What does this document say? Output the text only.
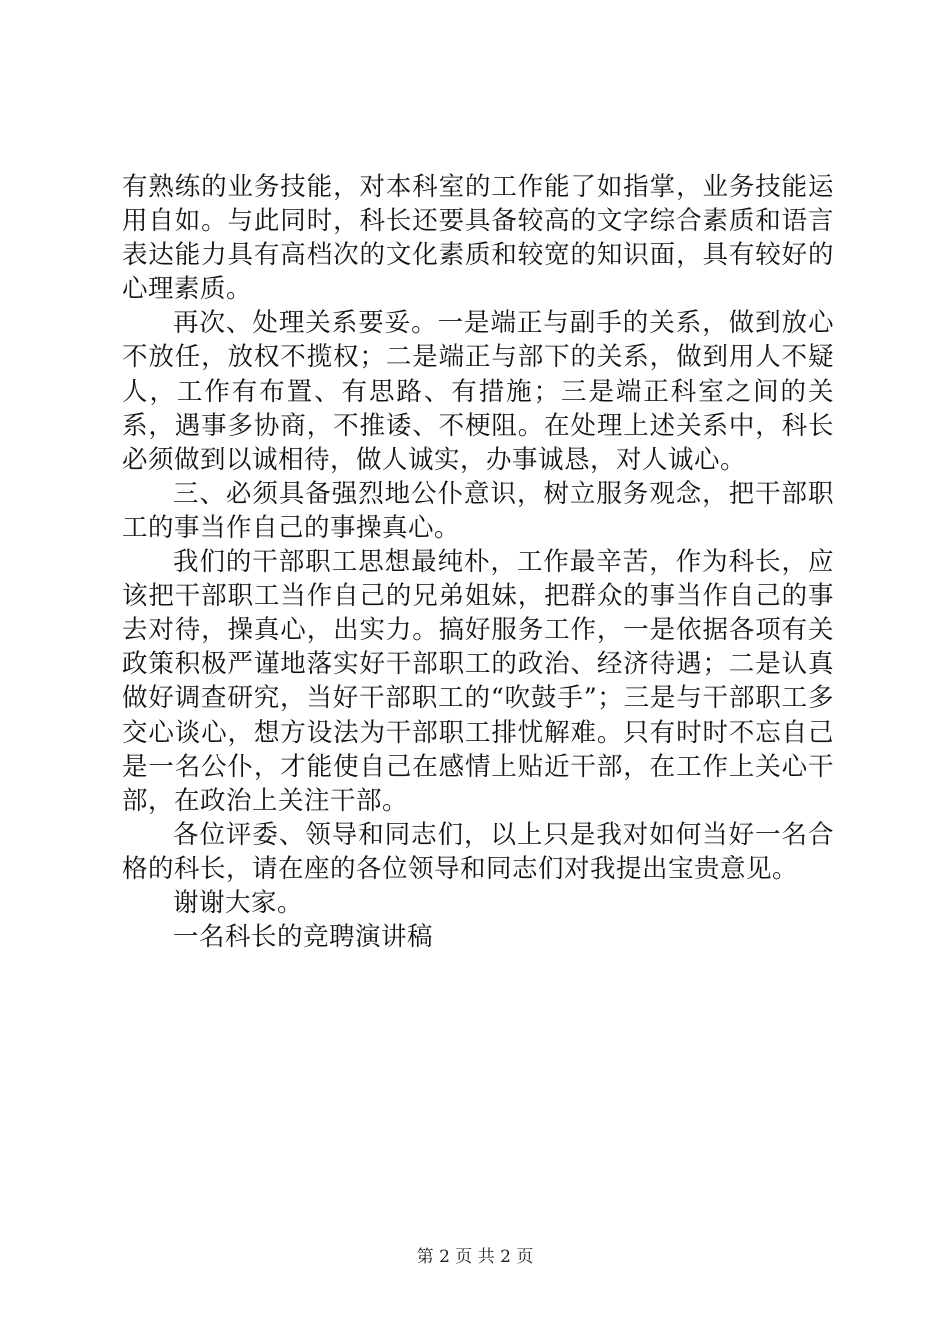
有熟练的业务技能，对本科室的工作能了如指掌，业务技能运用自如。与此同时，科长还要具备较高的文字综合素质和语言表达能力具有高档次的文化素质和较宽的知识面，具有较好的心理素质。

再次、处理关系要妥。一是端正与副手的关系，做到放心不放任，放权不揽权；二是端正与部下的关系，做到用人不疑人，工作有布置、有思路、有措施；三是端正科室之间的关系，遇事多协商，不推诿、不梗阻。在处理上述关系中，科长必须做到以诚相待，做人诚实，办事诚恳，对人诚心。

三、必须具备强烈地公仆意识，树立服务观念，把干部职工的事当作自己的事操真心。

我们的干部职工思想最纯朴，工作最辛苦，作为科长，应该把干部职工当作自己的兄弟姐妹，把群众的事当作自己的事去对待，操真心，出实力。搞好服务工作，一是依据各项有关政策积极严谨地落实好干部职工的政治、经济待遇；二是认真做好调查研究，当好干部职工的“吹鼓手”；三是与干部职工多交心谈心，想方设法为干部职工排忧解难。只有时时不忘自己是一名公仆，才能使自己在感情上贴近干部，在工作上关心干部，在政治上关注干部。

各位评委、领导和同志们，以上只是我对如何当好一名合格的科长，请在座的各位领导和同志们对我提出宝贵意见。

谢谢大家。

一名科长的竞聘演讲稿

第 2 页 共 2 页
